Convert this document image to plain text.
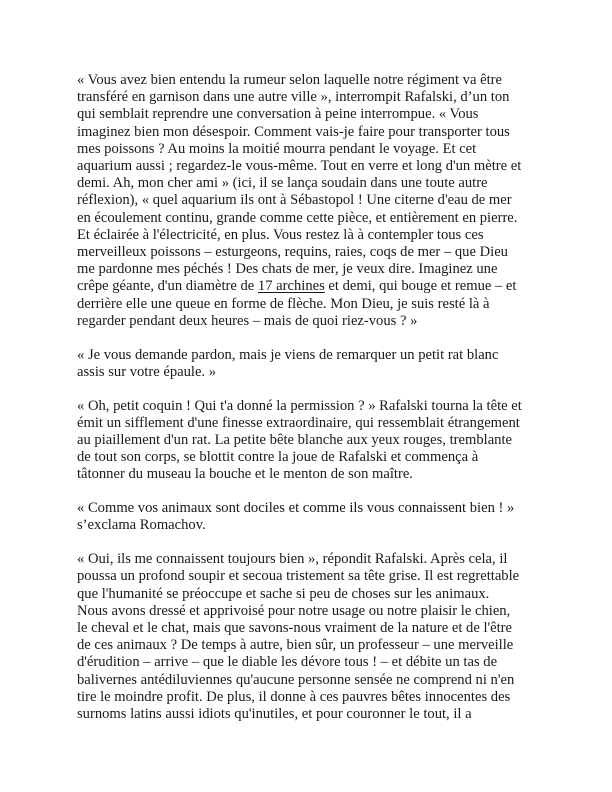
« Vous avez bien entendu la rumeur selon laquelle notre régiment va être
transféré en garnison dans une autre ville », interrompit Rafalski, d’un ton
qui semblait reprendre une conversation à peine interrompue. « Vous
imaginez bien mon désespoir. Comment vais-je faire pour transporter tous
mes poissons ? Au moins la moitié mourra pendant le voyage. Et cet
aquarium aussi ; regardez-le vous-même. Tout en verre et long d'un mètre et
demi. Ah, mon cher ami » (ici, il se lança soudain dans une toute autre
réflexion), « quel aquarium ils ont à Sébastopol ! Une citerne d'eau de mer
en écoulement continu, grande comme cette pièce, et entièrement en pierre.
Et éclairée à l'électricité, en plus. Vous restez là à contempler tous ces
merveilleux poissons – esturgeons, requins, raies, coqs de mer – que Dieu
me pardonne mes péchés ! Des chats de mer, je veux dire. Imaginez une
crêpe géante, d'un diamètre de 17 archines et demi, qui bouge et remue – et
derrière elle une queue en forme de flèche. Mon Dieu, je suis resté là à
regarder pendant deux heures – mais de quoi riez-vous ? »

« Je vous demande pardon, mais je viens de remarquer un petit rat blanc
assis sur votre épaule. »

« Oh, petit coquin ! Qui t'a donné la permission ? » Rafalski tourna la tête et
émit un sifflement d'une finesse extraordinaire, qui ressemblait étrangement
au piaillement d'un rat. La petite bête blanche aux yeux rouges, tremblante
de tout son corps, se blottit contre la joue de Rafalski et commença à
tâtonner du museau la bouche et le menton de son maître.

« Comme vos animaux sont dociles et comme ils vous connaissent bien ! »
s’exclama Romachov.

« Oui, ils me connaissent toujours bien », répondit Rafalski. Après cela, il
poussa un profond soupir et secoua tristement sa tête grise. Il est regrettable
que l'humanité se préoccupe et sache si peu de choses sur les animaux.
Nous avons dressé et apprivoisé pour notre usage ou notre plaisir le chien,
le cheval et le chat, mais que savons-nous vraiment de la nature et de l'être
de ces animaux ? De temps à autre, bien sûr, un professeur – une merveille
d'érudition – arrive – que le diable les dévore tous ! – et débite un tas de
balivernes antédiluviennes qu'aucune personne sensée ne comprend ni n'en
tire le moindre profit. De plus, il donne à ces pauvres bêtes innocentes des
surnoms latins aussi idiots qu'inutiles, et pour couronner le tout, il a
